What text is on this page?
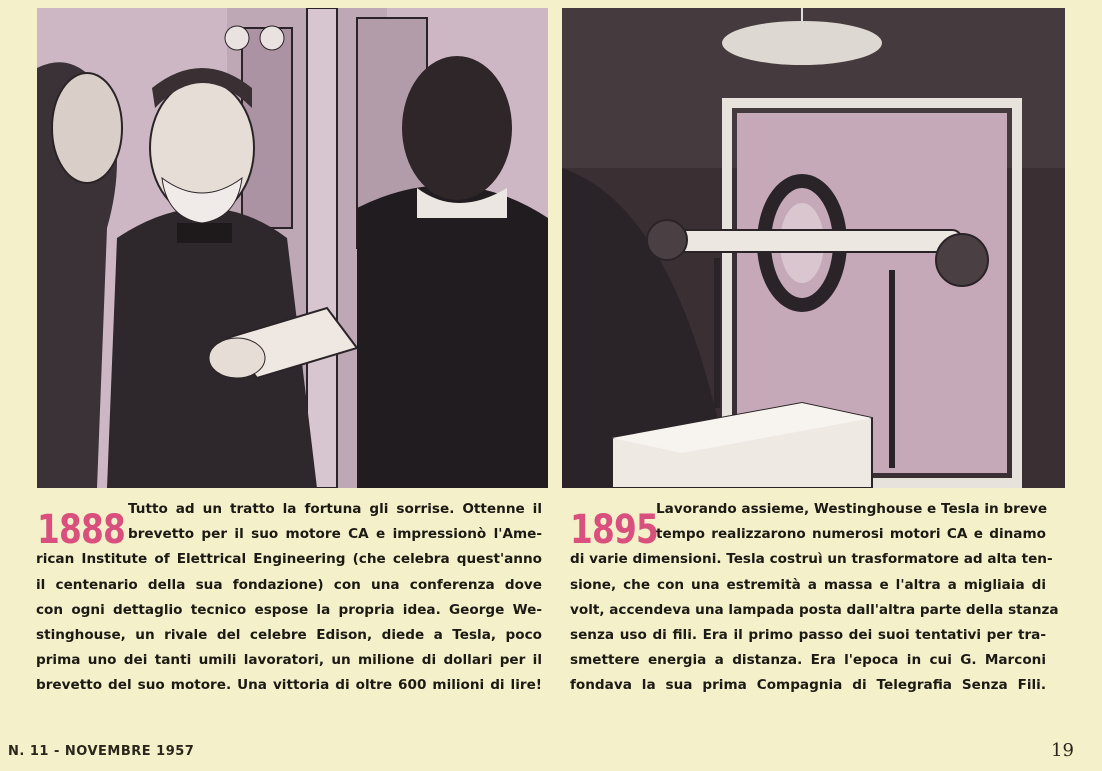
1888 Tutto ad un tratto la fortuna gli sorrise. Ottenne il
brevetto per il suo motore CA e impressionò l'Ame-
rican Institute of Elettrical Engineering (che celebra quest'anno
il centenario della sua fondazione) con una conferenza dove
con ogni dettaglio tecnico espose la propria idea. George We-
stinghouse, un rivale del celebre Edison, diede a Tesla, poco
prima uno dei tanti umili lavoratori, un milione di dollari per il
brevetto del suo motore. Una vittoria di oltre 600 milioni di lire!
1895
Lavorando assieme, Westinghouse e Tesla in breve
tempo realizzarono numerosi motori CA e dinamo
di varie dimensioni. Tesla costruì un trasformatore ad alta ten-
sione, che con una estremità a massa e l'altra a migliaia di
volt, accendeva una lampada posta dall'altra parte della stanza
senza uso di fili. Era il primo passo dei suoi tentativi per tra-
smettere energia a distanza. Era l'epoca in cui G. Marconi
fondava la sua prima Compagnia di Telegrafia Senza Fili.
N. 11 - NOVEMBRE 1957	19
